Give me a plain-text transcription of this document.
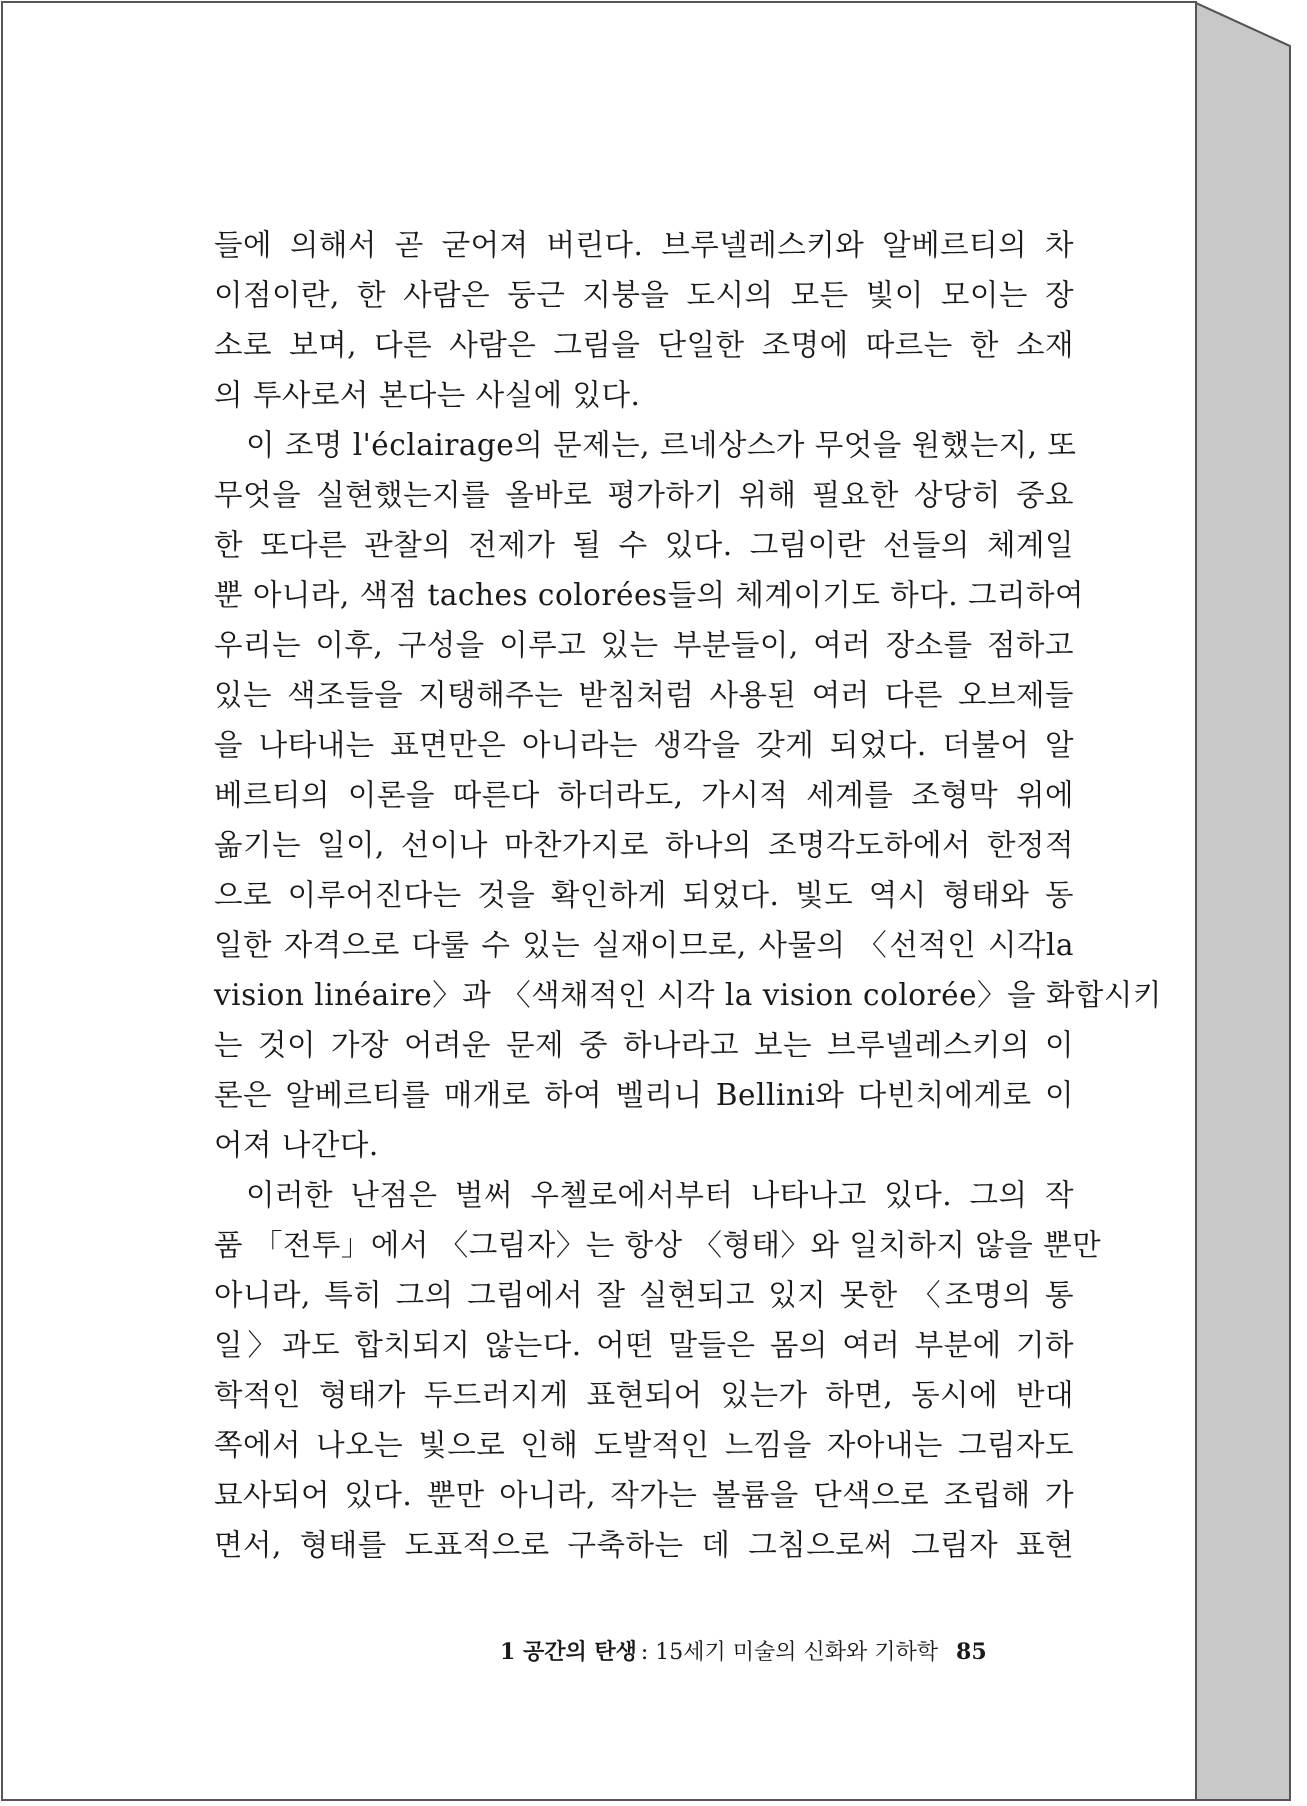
들에 의해서 곧 굳어져 버린다. 브루넬레스키와 알베르티의 차
이점이란, 한 사람은 둥근 지붕을 도시의 모든 빛이 모이는 장
소로 보며, 다른 사람은 그림을 단일한 조명에 따르는 한 소재
의 투사로서 본다는 사실에 있다.
이 조명 l'éclairage의 문제는, 르네상스가 무엇을 원했는지, 또
무엇을 실현했는지를 올바로 평가하기 위해 필요한 상당히 중요
한 또다른 관찰의 전제가 될 수 있다. 그림이란 선들의 체계일
뿐 아니라, 색점 taches colorées들의 체계이기도 하다. 그리하여
우리는 이후, 구성을 이루고 있는 부분들이, 여러 장소를 점하고
있는 색조들을 지탱해주는 받침처럼 사용된 여러 다른 오브제들
을 나타내는 표면만은 아니라는 생각을 갖게 되었다. 더불어 알
베르티의 이론을 따른다 하더라도, 가시적 세계를 조형막 위에
옮기는 일이, 선이나 마찬가지로 하나의 조명각도하에서 한정적
으로 이루어진다는 것을 확인하게 되었다. 빛도 역시 형태와 동
일한 자격으로 다룰 수 있는 실재이므로, 사물의 〈선적인 시각la
vision linéaire〉과 〈색채적인 시각 la vision colorée〉을 화합시키
는 것이 가장 어려운 문제 중 하나라고 보는 브루넬레스키의 이
론은 알베르티를 매개로 하여 벨리니 Bellini와 다빈치에게로 이
어져 나간다.
이러한 난점은 벌써 우첼로에서부터 나타나고 있다. 그의 작
품 「전투」에서 〈그림자〉는 항상 〈형태〉와 일치하지 않을 뿐만
아니라, 특히 그의 그림에서 잘 실현되고 있지 못한 〈조명의 통
일〉과도 합치되지 않는다. 어떤 말들은 몸의 여러 부분에 기하
학적인 형태가 두드러지게 표현되어 있는가 하면, 동시에 반대
쪽에서 나오는 빛으로 인해 도발적인 느낌을 자아내는 그림자도
묘사되어 있다. 뿐만 아니라, 작가는 볼륨을 단색으로 조립해 가
면서, 형태를 도표적으로 구축하는 데 그침으로써 그림자 표현
1 공간의 탄생 : 15세기 미술의 신화와 기하학 85
